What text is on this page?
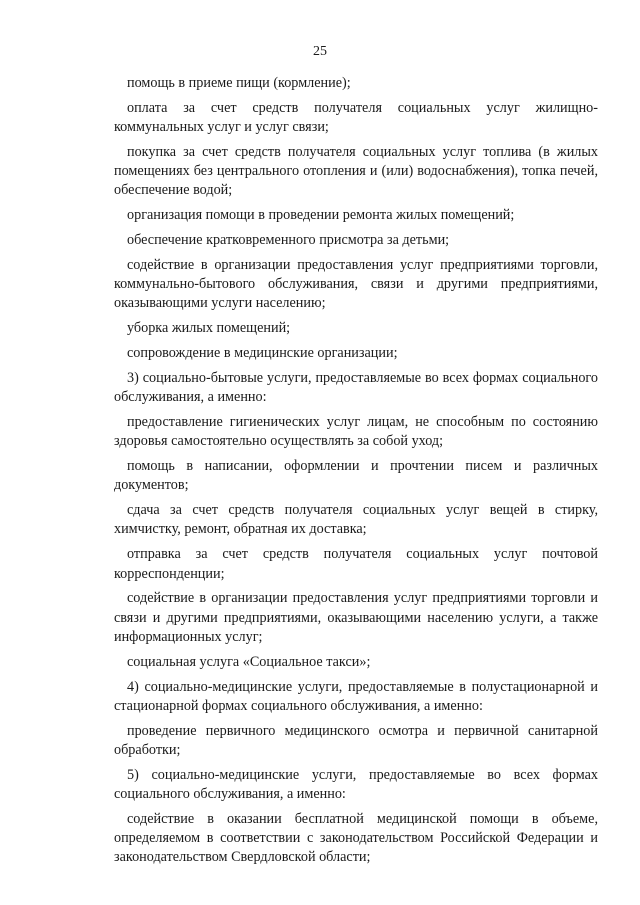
25

помощь в приеме пищи (кормление);

оплата за счет средств получателя социальных услуг жилищно-коммунальных услуг и услуг связи;

покупка за счет средств получателя социальных услуг топлива (в жилых помещениях без центрального отопления и (или) водоснабжения), топка печей, обеспечение водой;

организация помощи в проведении ремонта жилых помещений;

обеспечение кратковременного присмотра за детьми;

содействие в организации предоставления услуг предприятиями торговли, коммунально-бытового обслуживания, связи и другими предприятиями, оказывающими услуги населению;

уборка жилых помещений;

сопровождение в медицинские организации;

3) социально-бытовые услуги, предоставляемые во всех формах социального обслуживания, а именно:

предоставление гигиенических услуг лицам, не способным по состоянию здоровья самостоятельно осуществлять за собой уход;

помощь в написании, оформлении и прочтении писем и различных документов;

сдача за счет средств получателя социальных услуг вещей в стирку, химчистку, ремонт, обратная их доставка;

отправка за счет средств получателя социальных услуг почтовой корреспонденции;

содействие в организации предоставления услуг предприятиями торговли и связи и другими предприятиями, оказывающими населению услуги, а также информационных услуг;

социальная услуга «Социальное такси»;

4) социально-медицинские услуги, предоставляемые в полустационарной и стационарной формах социального обслуживания, а именно:

проведение первичного медицинского осмотра и первичной санитарной обработки;

5) социально-медицинские услуги, предоставляемые во всех формах социального обслуживания, а именно:

содействие в оказании бесплатной медицинской помощи в объеме, определяемом в соответствии с законодательством Российской Федерации и законодательством Свердловской области;
